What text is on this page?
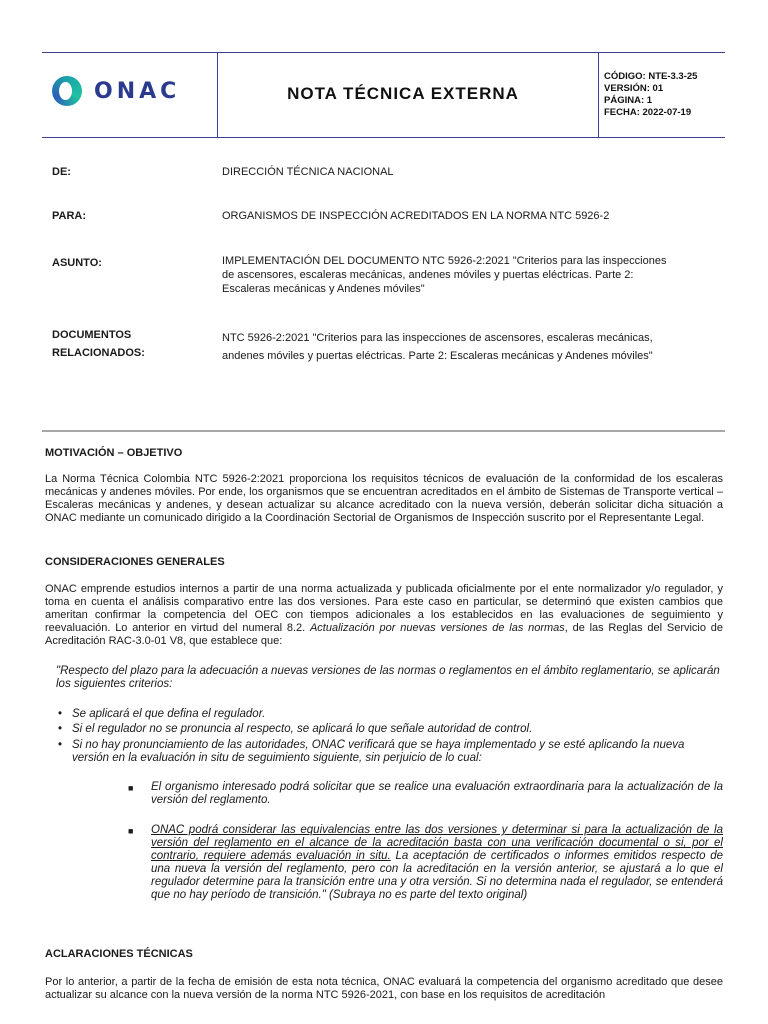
ONAC	NOTA TÉCNICA EXTERNA
CÓDIGO: NTE-3.3-25
VERSIÓN: 01
PÁGINA: 1
FECHA: 2022-07-19
DE:	DIRECCIÓN TÉCNICA NACIONAL
PARA:	ORGANISMOS DE INSPECCIÓN ACREDITADOS EN LA NORMA NTC 5926-2
ASUNTO:	IMPLEMENTACIÓN DEL DOCUMENTO NTC 5926-2:2021 "Criterios para las inspecciones de ascensores, escaleras mecánicas, andenes móviles y puertas eléctricas. Parte 2: Escaleras mecánicas y Andenes móviles"
DOCUMENTOS
RELACIONADOS:
NTC 5926-2:2021 "Criterios para las inspecciones de ascensores, escaleras mecánicas,
andenes móviles y puertas eléctricas. Parte 2: Escaleras mecánicas y Andenes móviles"
MOTIVACIÓN – OBJETIVO
La Norma Técnica Colombia NTC 5926-2:2021 proporciona los requisitos técnicos de evaluación de la conformidad de los escaleras mecánicas y andenes móviles. Por ende, los organismos que se encuentran acreditados en el ámbito de Sistemas de Transporte vertical – Escaleras mecánicas y andenes, y desean actualizar su alcance acreditado con la nueva versión, deberán solicitar dicha situación a ONAC mediante un comunicado dirigido a la Coordinación Sectorial de Organismos de Inspección suscrito por el Representante Legal.
CONSIDERACIONES GENERALES
ONAC emprende estudios internos a partir de una norma actualizada y publicada oficialmente por el ente normalizador y/o regulador, y toma en cuenta el análisis comparativo entre las dos versiones. Para este caso en particular, se determinó que existen cambios que ameritan confirmar la competencia del OEC con tiempos adicionales a los establecidos en las evaluaciones de seguimiento y reevaluación. Lo anterior en virtud del numeral 8.2. Actualización por nuevas versiones de las normas, de las Reglas del Servicio de Acreditación RAC-3.0-01 V8, que establece que:
"Respecto del plazo para la adecuación a nuevas versiones de las normas o reglamentos en el ámbito reglamentario, se aplicarán los siguientes criterios:
• Se aplicará el que defina el regulador.
• Si el regulador no se pronuncia al respecto, se aplicará lo que señale autoridad de control.
• Si no hay pronunciamiento de las autoridades, ONAC verificará que se haya implementado y se esté aplicando la nueva versión en la evaluación in situ de seguimiento siguiente, sin perjuicio de lo cual:
■ El organismo interesado podrá solicitar que se realice una evaluación extraordinaria para la actualización de la versión del reglamento.
■ ONAC podrá considerar las equivalencias entre las dos versiones y determinar si para la actualización de la versión del reglamento en el alcance de la acreditación basta con una verificación documental o si, por el contrario, requiere además evaluación in situ. La aceptación de certificados o informes emitidos respecto de una nueva la versión del reglamento, pero con la acreditación en la versión anterior, se ajustará a lo que el regulador determine para la transición entre una y otra versión. Si no determina nada el regulador, se entenderá que no hay período de transición." (Subraya no es parte del texto original)
ACLARACIONES TÉCNICAS
Por lo anterior, a partir de la fecha de emisión de esta nota técnica, ONAC evaluará la competencia del organismo acreditado que desee actualizar su alcance con la nueva versión de la norma NTC 5926-2021, con base en los requisitos de acreditación
